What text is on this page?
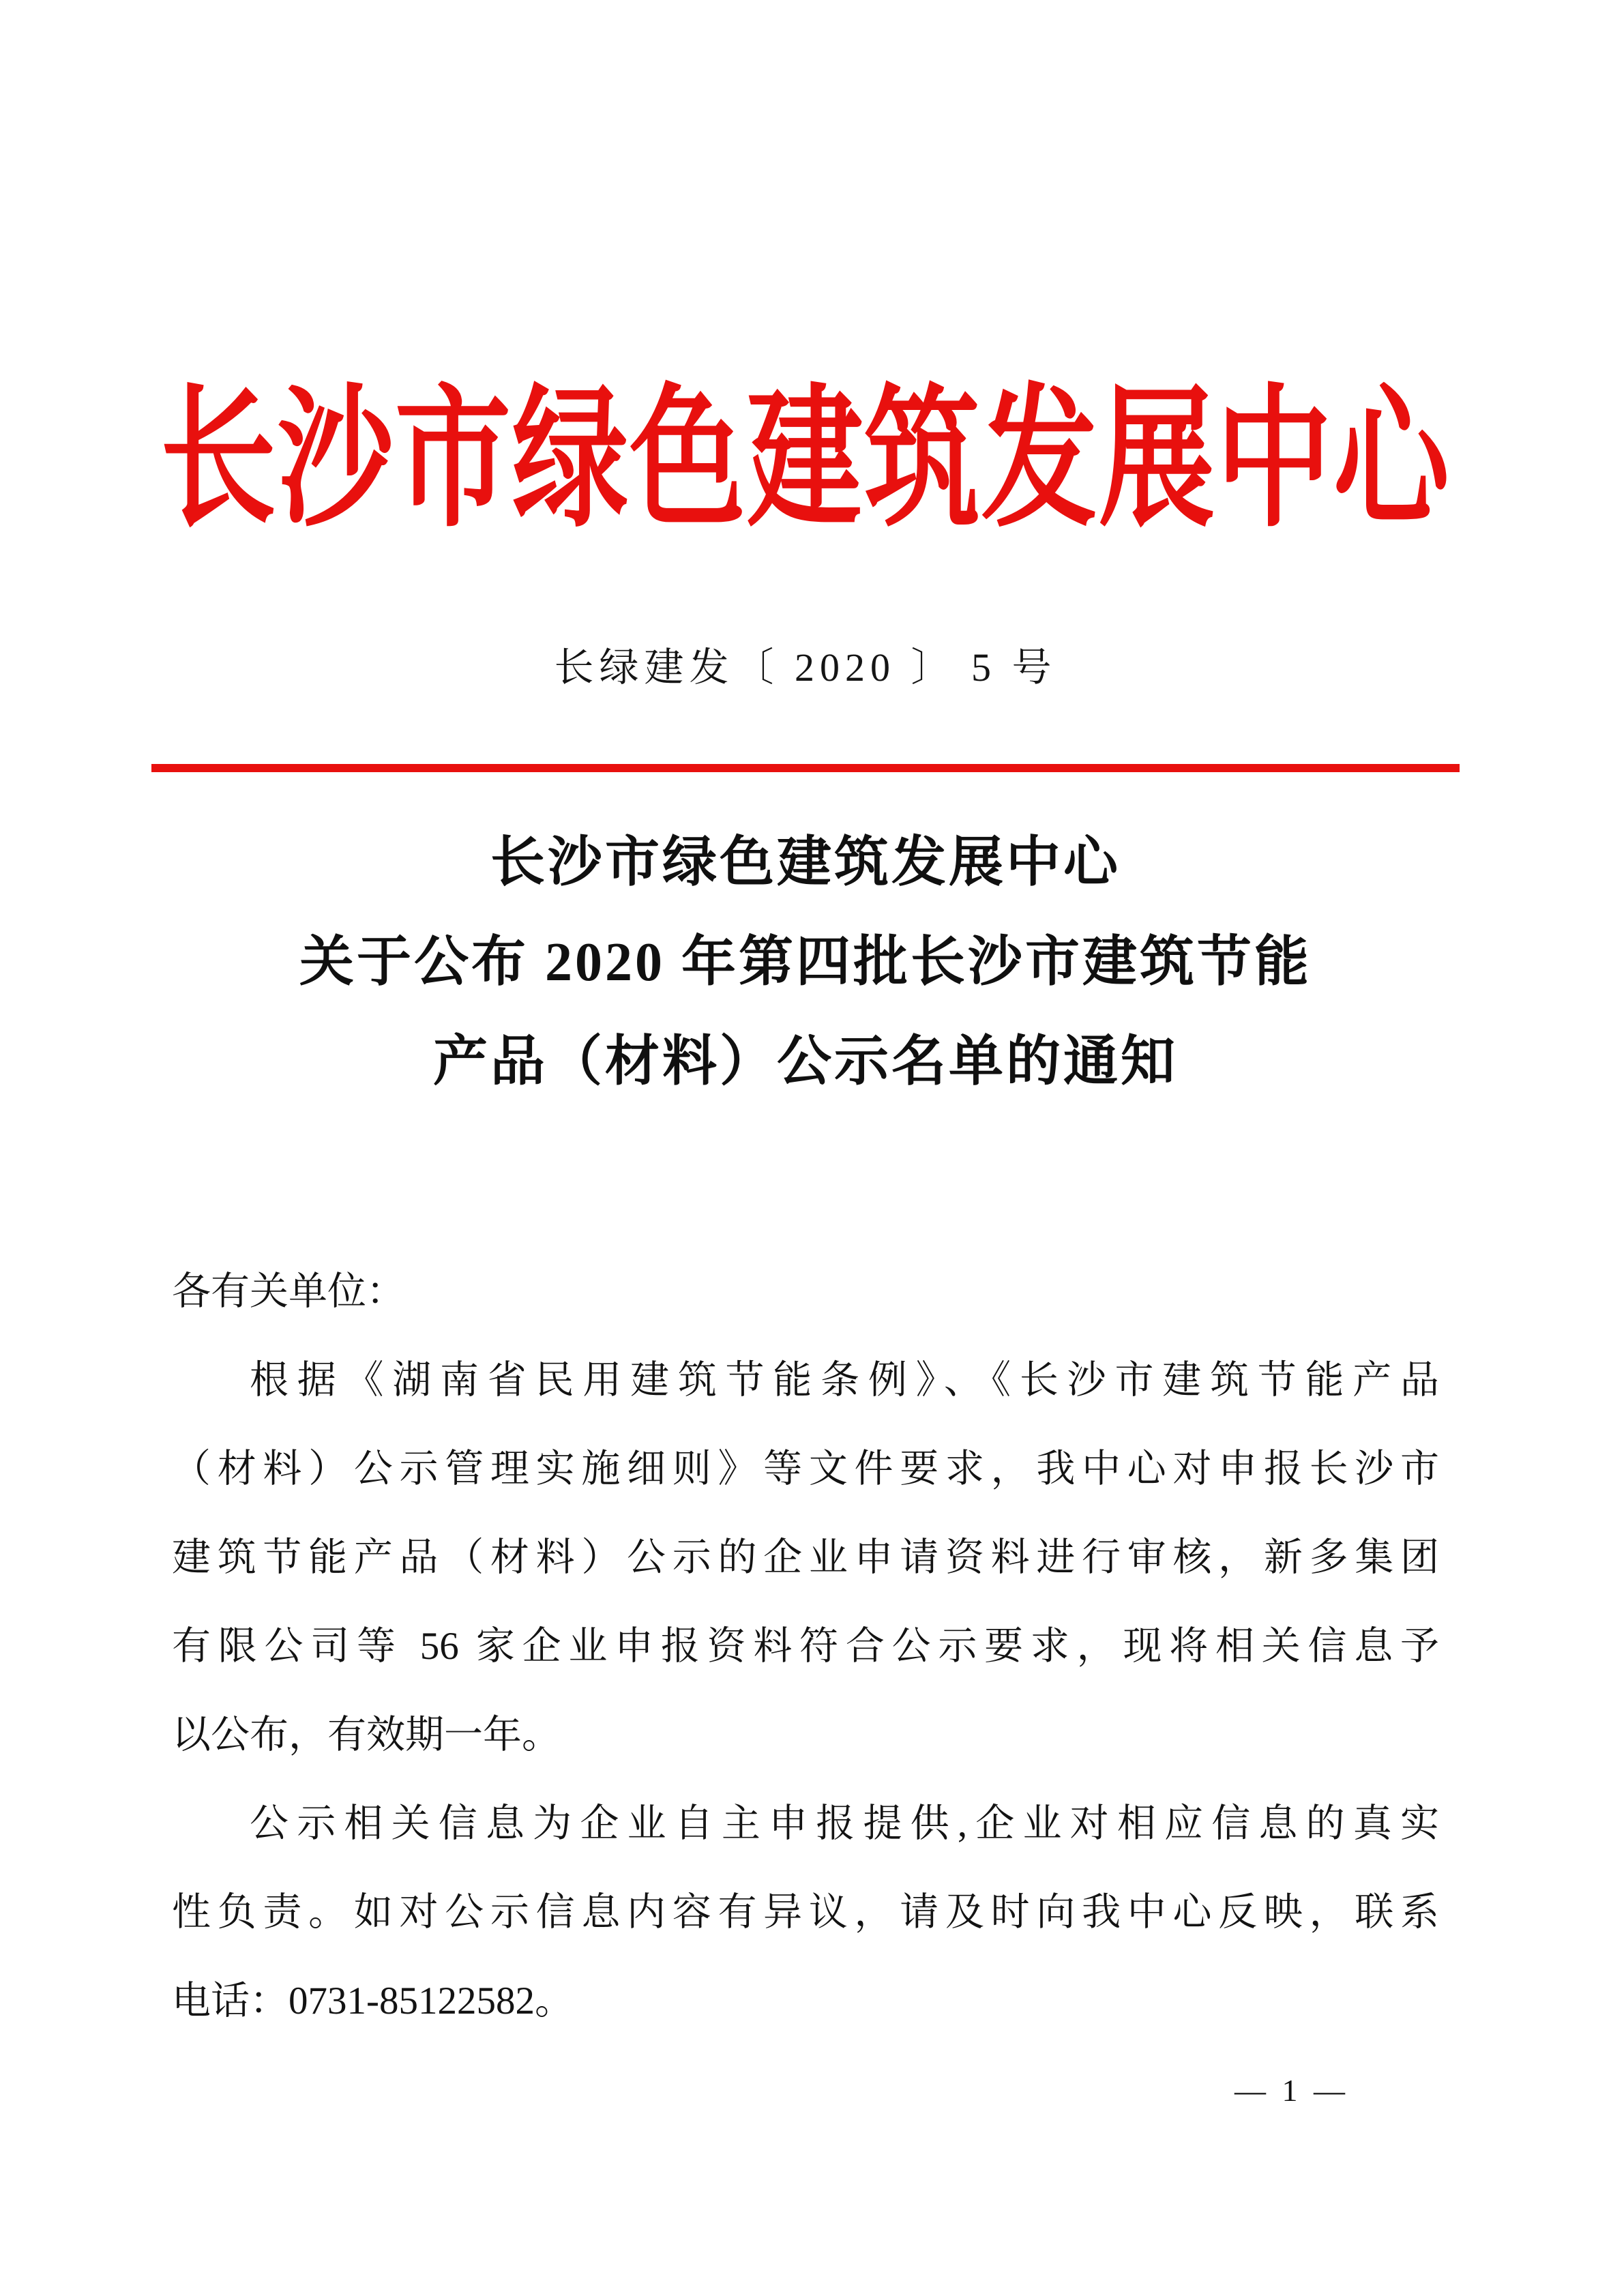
长沙市绿色建筑发展中心
长绿建发〔 2020 〕 5 号
长沙市绿色建筑发展中心
关于公布 2020 年第四批长沙市建筑节能
产品（材料）公示名单的通知
各有关单位：
根据《湖南省民用建筑节能条例》、《长沙市建筑节能产品
（材料）公示管理实施细则》等文件要求，我中心对申报长沙市
建筑节能产品（材料）公示的企业申请资料进行审核，新多集团
有限公司等 56 家企业申报资料符合公示要求，现将相关信息予
以公布，有效期一年。
公示相关信息为企业自主申报提供,企业对相应信息的真实
性负责。如对公示信息内容有异议，请及时向我中心反映，联系
电话：0731-85122582。
— 1 —
